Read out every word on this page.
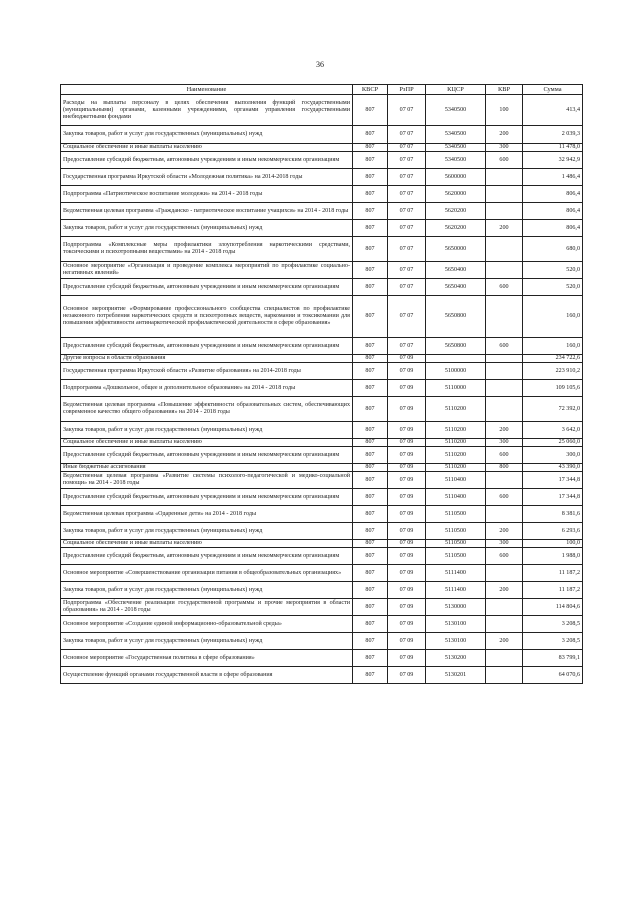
36
Наименование	КВСР	РзПР	КЦСР	КВР	Сумма
Расходы на выплаты персоналу в целях обеспечения выполнения функций государственными (муниципальными) органами, казенными учреждениями, органами управления государственными внебюджетными фондами	807	07 07	5340500	100	413,4
Закупка товаров, работ и услуг для государственных (муниципальных) нужд	807	07 07	5340500	200	2 039,3
Социальное обеспечение и иные выплаты населению	807	07 07	5340500	300	11 478,0
Предоставление субсидий бюджетным, автономным учреждениям и иным некоммерческим организациям	807	07 07	5340500	600	32 942,9
Государственная программа Иркутской области «Молодежная политика» на 2014-2018 годы	807	07 07	5600000		1 486,4
Подпрограмма «Патриотическое воспитание молодежи» на 2014 - 2018 годы	807	07 07	5620000		806,4
Ведомственная целевая программа «Гражданско - патриотическое воспитание учащихся» на 2014 - 2018 годы	807	07 07	5620200		806,4
Закупка товаров, работ и услуг для государственных (муниципальных) нужд	807	07 07	5620200	200	806,4
Подпрограмма «Комплексные меры профилактики злоупотребления наркотическими средствами, токсическими и психотропными веществами» на 2014 - 2018 годы	807	07 07	5650000		680,0
Основное мероприятие «Организация и проведение комплекса мероприятий по профилактике социально-негативных явлений»	807	07 07	5650400		520,0
Предоставление субсидий бюджетным, автономным учреждениям и иным некоммерческим организациям	807	07 07	5650400	600	520,0
Основное мероприятие «Формирование профессионального сообщества специалистов по профилактике незаконного потребления наркотических средств и психотропных веществ, наркомании и токсикомании для повышения эффективности антинаркотической профилактической деятельности в сфере образования»	807	07 07	5650800		160,0
Предоставление субсидий бюджетным, автономным учреждениям и иным некоммерческим организациям	807	07 07	5650800	600	160,0
Другие вопросы в области образования	807	07 09			234 722,6
Государственная программа Иркутской области «Развитие образования» на 2014-2018 годы	807	07 09	5100000		223 910,2
Подпрограмма «Дошкольное, общее и дополнительное образование» на 2014 - 2018 годы	807	07 09	5110000		109 105,6
Ведомственная целевая программа «Повышение эффективности образовательных систем, обеспечивающих современное качество общего образования» на 2014 - 2018 годы	807	07 09	5110200		72 392,0
Закупка товаров, работ и услуг для государственных (муниципальных) нужд	807	07 09	5110200	200	3 642,0
Социальное обеспечение и иные выплаты населению	807	07 09	5110200	300	25 060,0
Предоставление субсидий бюджетным, автономным учреждениям и иным некоммерческим организациям	807	07 09	5110200	600	300,0
Иные бюджетные ассигнования	807	07 09	5110200	800	43 390,0
Ведомственная целевая программа «Развитие системы психолого-педагогической и медико-социальной помощи» на 2014 - 2018 годы	807	07 09	5110400		17 344,8
Предоставление субсидий бюджетным, автономным учреждениям и иным некоммерческим организациям	807	07 09	5110400	600	17 344,8
Ведомственная целевая программа «Одаренные дети» на 2014 - 2018 годы	807	07 09	5110500		8 381,6
Закупка товаров, работ и услуг для государственных (муниципальных) нужд	807	07 09	5110500	200	6 293,6
Социальное обеспечение и иные выплаты населению	807	07 09	5110500	300	100,0
Предоставление субсидий бюджетным, автономным учреждениям и иным некоммерческим организациям	807	07 09	5110500	600	1 988,0
Основное мероприятие «Совершенствование организации питания в общеобразовательных организациях»	807	07 09	5111400		11 187,2
Закупка товаров, работ и услуг для государственных (муниципальных) нужд	807	07 09	5111400	200	11 187,2
Подпрограмма «Обеспечение реализации государственной программы и прочие мероприятия в области образования» на 2014 - 2018 годы	807	07 09	5130000		114 804,6
Основное мероприятие «Создание единой информационно-образовательной среды»	807	07 09	5130100		3 208,5
Закупка товаров, работ и услуг для государственных (муниципальных) нужд	807	07 09	5130100	200	3 208,5
Основное мероприятие «Государственная политика в сфере образования»	807	07 09	5130200		83 799,1
Осуществление функций органами государственной власти в сфере образования	807	07 09	5130201		64 070,6
